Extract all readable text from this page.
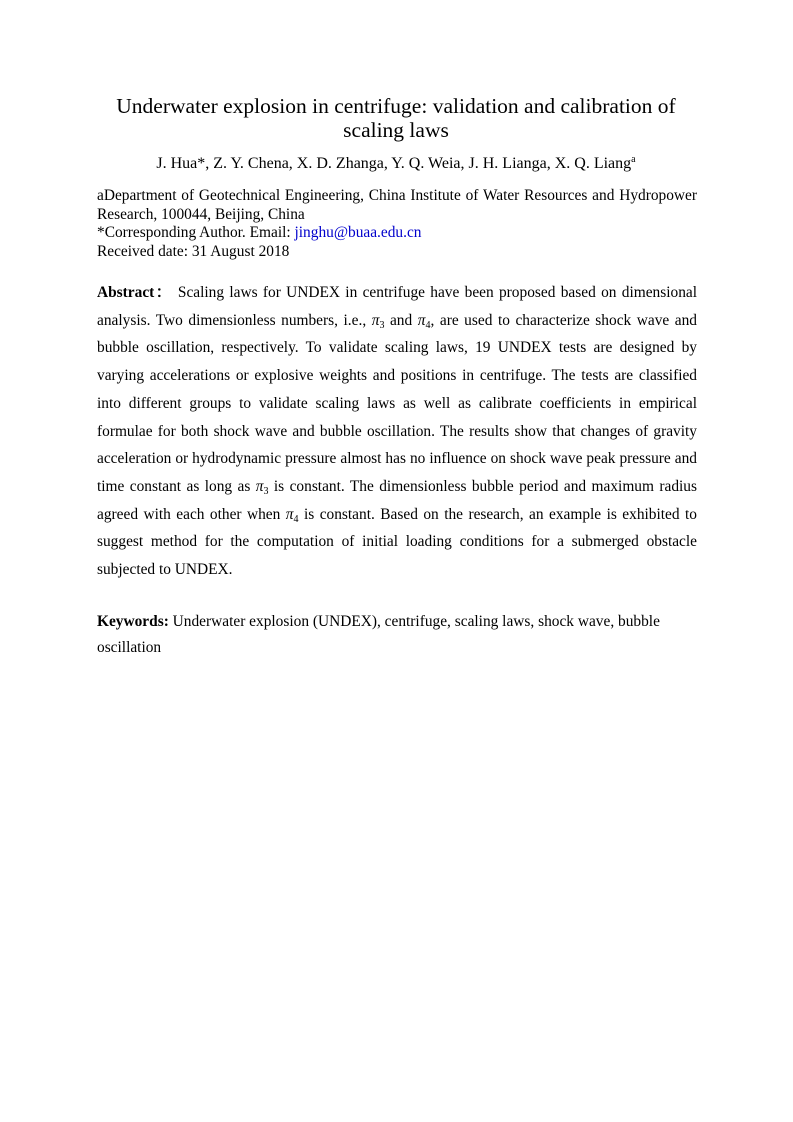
Underwater explosion in centrifuge: validation and calibration of scaling laws
J. Hua*, Z. Y. Chena, X. D. Zhanga, Y. Q. Weia, J. H. Lianga, X. Q. Liang$^a$
aDepartment of Geotechnical Engineering, China Institute of Water Resources and Hydropower Research, 100044, Beijing, China
*Corresponding Author. Email: jinghu@buaa.edu.cn
Received date: 31 August 2018
Abstract： Scaling laws for UNDEX in centrifuge have been proposed based on dimensional analysis. Two dimensionless numbers, i.e., $\pi_3$ and $\pi_4$, are used to characterize shock wave and bubble oscillation, respectively. To validate scaling laws, 19 UNDEX tests are designed by varying accelerations or explosive weights and positions in centrifuge. The tests are classified into different groups to validate scaling laws as well as calibrate coefficients in empirical formulae for both shock wave and bubble oscillation. The results show that changes of gravity acceleration or hydrodynamic pressure almost has no influence on shock wave peak pressure and time constant as long as $\pi_3$ is constant. The dimensionless bubble period and maximum radius agreed with each other when $\pi_4$ is constant. Based on the research, an example is exhibited to suggest method for the computation of initial loading conditions for a submerged obstacle subjected to UNDEX.
Keywords: Underwater explosion (UNDEX), centrifuge, scaling laws, shock wave, bubble oscillation
